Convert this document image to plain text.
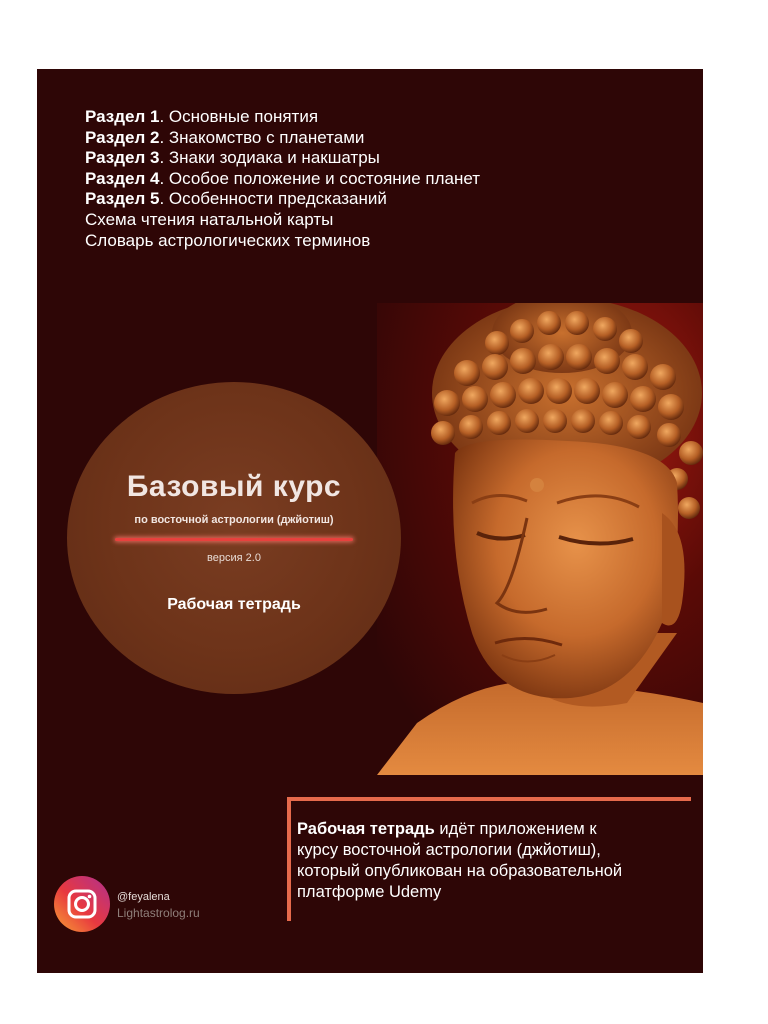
Раздел 1. Основные понятия
Раздел 2. Знакомство с планетами
Раздел 3. Знаки зодиака и накшатры
Раздел 4. Особое положение и состояние планет
Раздел 5. Особенности предсказаний
Схема чтения натальной карты
Словарь астрологических терминов
Базовый курс
по восточной астрологии (джйотиш)
версия 2.0
Рабочая тетрадь
Рабочая тетрадь идёт приложением к
курсу восточной астрологии (джйотиш),
который опубликован на образовательной
платформе Udemy
@feyalena
Lightastrolog.ru
